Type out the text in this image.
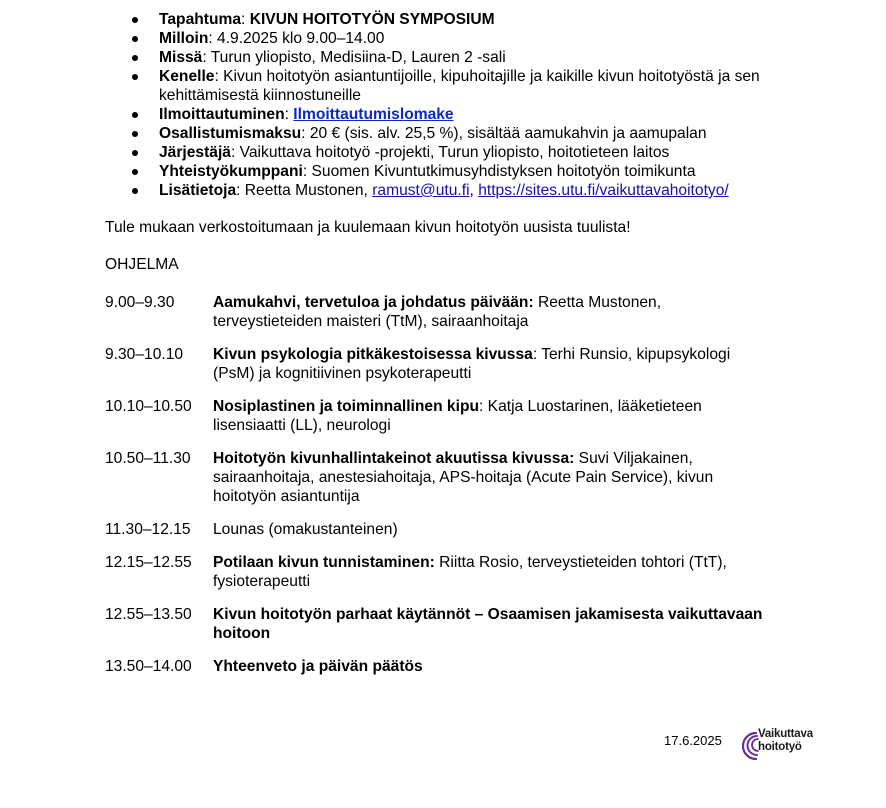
Tapahtuma: KIVUN HOITOTYÖN SYMPOSIUM
Milloin: 4.9.2025 klo 9.00–14.00
Missä: Turun yliopisto, Medisiina-D, Lauren 2 -sali
Kenelle: Kivun hoitotyön asiantuntijoille, kipuhoitajille ja kaikille kivun hoitotyöstä ja sen kehittämisestä kiinnostuneille
Ilmoittautuminen: Ilmoittautumislomake
Osallistumismaksu: 20 € (sis. alv. 25,5 %), sisältää aamukahvin ja aamupalan
Järjestäjä: Vaikuttava hoitotyö -projekti, Turun yliopisto, hoitotieteen laitos
Yhteistyökumppani: Suomen Kivuntutkimusyhdistyksen hoitotyön toimikunta
Lisätietoja: Reetta Mustonen, ramust@utu.fi, https://sites.utu.fi/vaikuttavahoitotyo/
Tule mukaan verkostoitumaan ja kuulemaan kivun hoitotyön uusista tuulista!
OHJELMA
9.00–9.30	Aamukahvi, tervetuloa ja johdatus päivään: Reetta Mustonen, terveystieteiden maisteri (TtM), sairaanhoitaja
9.30–10.10	Kivun psykologia pitkäkestoisessa kivussa: Terhi Runsio, kipupsykologi (PsM) ja kognitiivinen psykoterapeutti
10.10–10.50	Nosiplastinen ja toiminnallinen kipu: Katja Luostarinen, lääketieteen lisensiaatti (LL), neurologi
10.50–11.30	Hoitotyön kivunhallintakeinot akuutissa kivussa: Suvi Viljakainen, sairaanhoitaja, anestesiahoitaja, APS-hoitaja (Acute Pain Service), kivun hoitotyön asiantuntija
11.30–12.15	Lounas (omakustanteinen)
12.15–12.55	Potilaan kivun tunnistaminen: Riitta Rosio, terveystieteiden tohtori (TtT), fysioterapeutti
12.55–13.50	Kivun hoitotyön parhaat käytännöt – Osaamisen jakamisesta vaikuttavaan hoitoon
13.50–14.00	Yhteenveto ja päivän päätös
17.6.2025	Vaikuttava
hoitotyö
